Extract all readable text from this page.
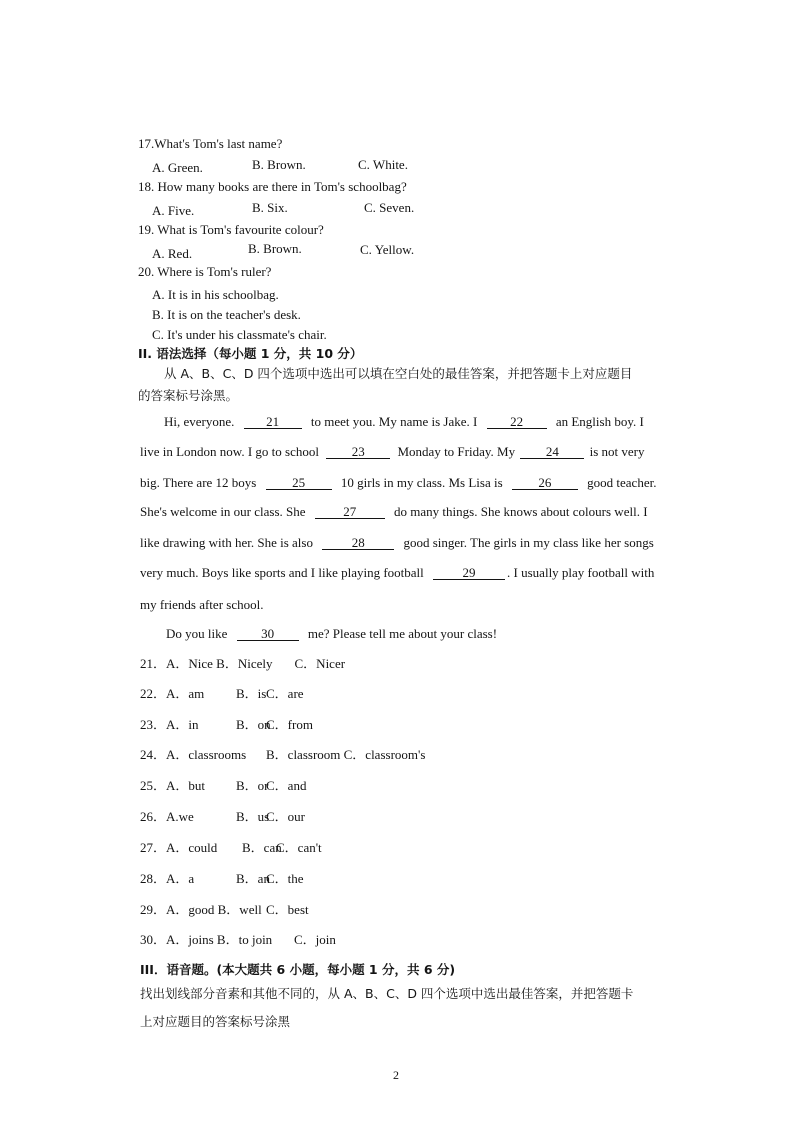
17.What's Tom's last name?
A. Green.	B. Brown.	C. White.
18. How many books are there in Tom's schoolbag?
A. Five.	B. Six.	C. Seven.
19. What is Tom's favourite colour?
A. Red.	B. Brown.	C. Yellow.
20. Where is Tom's ruler?
A. It is in his schoolbag.
B. It is on the teacher's desk.
C. It's under his classmate's chair.
II. 语法选择（每小题 1 分，共 10 分）
从 A、B、C、D 四个选项中选出可以填在空白处的最佳答案，并把答题卡上对应题目
的答案标号涂黑。
Hi, everyone. 21 to meet you. My name is Jake. I	22	an English boy. I
live in London now. I go to school	23	Monday to Friday. My 24 is not very
big. There are 12 boys	25	10 girls in my class. Ms Lisa is	26	good teacher.
She's welcome in our class. She	27	do many things. She knows about colours well. I
like drawing with her. She is also	28	good singer. The girls in my class like her songs
very much. Boys like sports and I like playing football	29 . I usually play football with
my friends after school.
Do you like	30	me? Please tell me about your class!
21．A．Nice B．Nicely C．Nicer
22．A．am B．isC．are
23．A．in	B．onC．from
24．A．classrooms B．classroom C．classroom's
25．A．but B．orC．and
26．A.we	B．usC．our
27．A．could B．canC．can't
28．A．a	B．anC．the
29．A．good B．well C．best
30．A．joins B．to join C．join
III．语音题。(本大题共 6 小题，每小题 1 分，共 6 分)
找出划线部分音素和其他不同的，从 A、B、C、D 四个选项中选出最佳答案，并把答题卡
上对应题目的答案标号涂黑
2
